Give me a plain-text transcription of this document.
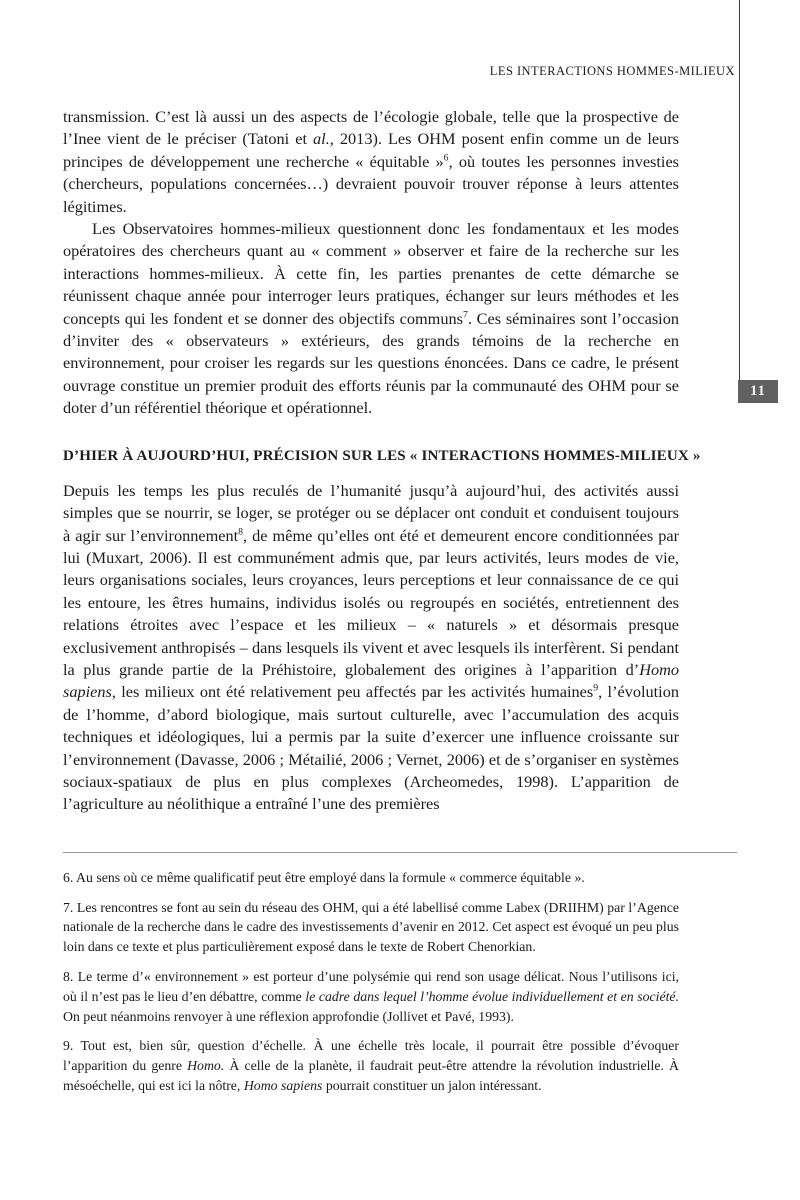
LES INTERACTIONS HOMMES-MILIEUX
11

transmission. C’est là aussi un des aspects de l’écologie globale, telle que la prospective de l’Inee vient de le préciser (Tatoni et al., 2013). Les OHM posent enfin comme un de leurs principes de développement une recherche « équitable »$^6$, où toutes les personnes investies (chercheurs, populations concernées…) devraient pouvoir trouver réponse à leurs attentes légitimes.

Les Observatoires hommes-milieux questionnent donc les fondamentaux et les modes opératoires des chercheurs quant au « comment » observer et faire de la recherche sur les interactions hommes-milieux. À cette fin, les parties prenantes de cette démarche se réunissent chaque année pour interroger leurs pratiques, échanger sur leurs méthodes et les concepts qui les fondent et se donner des objectifs communs$^7$. Ces séminaires sont l’occasion d’inviter des « observateurs » extérieurs, des grands témoins de la recherche en environnement, pour croiser les regards sur les questions énoncées. Dans ce cadre, le présent ouvrage constitue un premier produit des efforts réunis par la communauté des OHM pour se doter d’un référentiel théorique et opérationnel.

D’HIER À AUJOURD’HUI, PRÉCISION SUR LES « INTERACTIONS HOMMES-MILIEUX »

Depuis les temps les plus reculés de l’humanité jusqu’à aujourd’hui, des activités aussi simples que se nourrir, se loger, se protéger ou se déplacer ont conduit et conduisent toujours à agir sur l’environnement$^8$, de même qu’elles ont été et demeurent encore conditionnées par lui (Muxart, 2006). Il est communément admis que, par leurs activités, leurs modes de vie, leurs organisations sociales, leurs croyances, leurs perceptions et leur connaissance de ce qui les entoure, les êtres humains, individus isolés ou regroupés en sociétés, entretiennent des relations étroites avec l’espace et les milieux – « naturels » et désormais presque exclusivement anthropisés – dans lesquels ils vivent et avec lesquels ils interfèrent. Si pendant la plus grande partie de la Préhistoire, globalement des origines à l’apparition d’Homo sapiens, les milieux ont été relativement peu affectés par les activités humaines$^9$, l’évolution de l’homme, d’abord biologique, mais surtout culturelle, avec l’accumulation des acquis techniques et idéologiques, lui a permis par la suite d’exercer une influence croissante sur l’environnement (Davasse, 2006 ; Métailié, 2006 ; Vernet, 2006) et de s’organiser en systèmes sociaux-spatiaux de plus en plus complexes (Archeomedes, 1998). L’apparition de l’agriculture au néolithique a entraîné l’une des premières

6. Au sens où ce même qualificatif peut être employé dans la formule « commerce équitable ».

7. Les rencontres se font au sein du réseau des OHM, qui a été labellisé comme Labex (DRIIHM) par l’Agence nationale de la recherche dans le cadre des investissements d’avenir en 2012. Cet aspect est évoqué un peu plus loin dans ce texte et plus particulièrement exposé dans le texte de Robert Chenorkian.

8. Le terme d’« environnement » est porteur d’une polysémie qui rend son usage délicat. Nous l’utilisons ici, où il n’est pas le lieu d’en débattre, comme le cadre dans lequel l’homme évolue individuellement et en société. On peut néanmoins renvoyer à une réflexion approfondie (Jollivet et Pavé, 1993).

9. Tout est, bien sûr, question d’échelle. À une échelle très locale, il pourrait être possible d’évoquer l’apparition du genre Homo. À celle de la planète, il faudrait peut-être attendre la révolution industrielle. À mésoéchelle, qui est ici la nôtre, Homo sapiens pourrait constituer un jalon intéressant.
